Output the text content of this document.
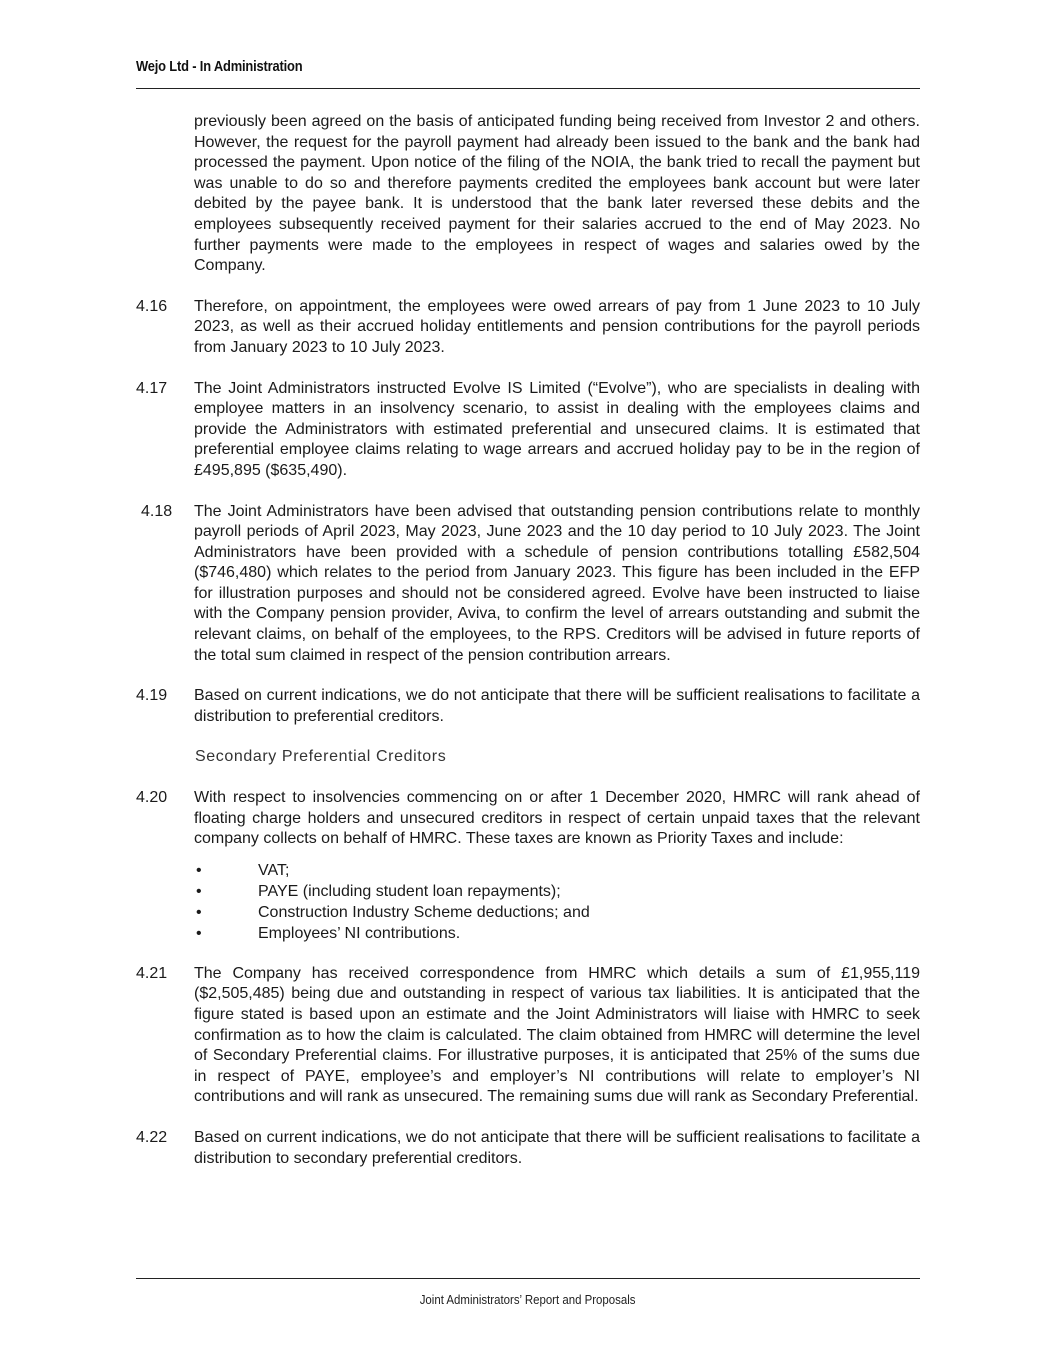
Wejo Ltd - In Administration
previously been agreed on the basis of anticipated funding being received from Investor 2 and others. However, the request for the payroll payment had already been issued to the bank and the bank had processed the payment. Upon notice of the filing of the NOIA, the bank tried to recall the payment but was unable to do so and therefore payments credited the employees bank account but were later debited by the payee bank. It is understood that the bank later reversed these debits and the employees subsequently received payment for their salaries accrued to the end of May 2023. No further payments were made to the employees in respect of wages and salaries owed by the Company.
4.16 Therefore, on appointment, the employees were owed arrears of pay from 1 June 2023 to 10 July 2023, as well as their accrued holiday entitlements and pension contributions for the payroll periods from January 2023 to 10 July 2023.
4.17 The Joint Administrators instructed Evolve IS Limited (“Evolve”), who are specialists in dealing with employee matters in an insolvency scenario, to assist in dealing with the employees claims and provide the Administrators with estimated preferential and unsecured claims. It is estimated that preferential employee claims relating to wage arrears and accrued holiday pay to be in the region of £495,895 ($635,490).
4.18 The Joint Administrators have been advised that outstanding pension contributions relate to monthly payroll periods of April 2023, May 2023, June 2023 and the 10 day period to 10 July 2023. The Joint Administrators have been provided with a schedule of pension contributions totalling £582,504 ($746,480) which relates to the period from January 2023. This figure has been included in the EFP for illustration purposes and should not be considered agreed. Evolve have been instructed to liaise with the Company pension provider, Aviva, to confirm the level of arrears outstanding and submit the relevant claims, on behalf of the employees, to the RPS. Creditors will be advised in future reports of the total sum claimed in respect of the pension contribution arrears.
4.19 Based on current indications, we do not anticipate that there will be sufficient realisations to facilitate a distribution to preferential creditors.
Secondary Preferential Creditors
4.20 With respect to insolvencies commencing on or after 1 December 2020, HMRC will rank ahead of floating charge holders and unsecured creditors in respect of certain unpaid taxes that the relevant company collects on behalf of HMRC. These taxes are known as Priority Taxes and include:
•	VAT;
•	PAYE (including student loan repayments);
•	Construction Industry Scheme deductions; and
•	Employees’ NI contributions.
4.21 The Company has received correspondence from HMRC which details a sum of £1,955,119 ($2,505,485) being due and outstanding in respect of various tax liabilities. It is anticipated that the figure stated is based upon an estimate and the Joint Administrators will liaise with HMRC to seek confirmation as to how the claim is calculated. The claim obtained from HMRC will determine the level of Secondary Preferential claims. For illustrative purposes, it is anticipated that 25% of the sums due in respect of PAYE, employee’s and employer’s NI contributions will relate to employer’s NI contributions and will rank as unsecured. The remaining sums due will rank as Secondary Preferential.
4.22 Based on current indications, we do not anticipate that there will be sufficient realisations to facilitate a distribution to secondary preferential creditors.
Joint Administrators’ Report and Proposals
